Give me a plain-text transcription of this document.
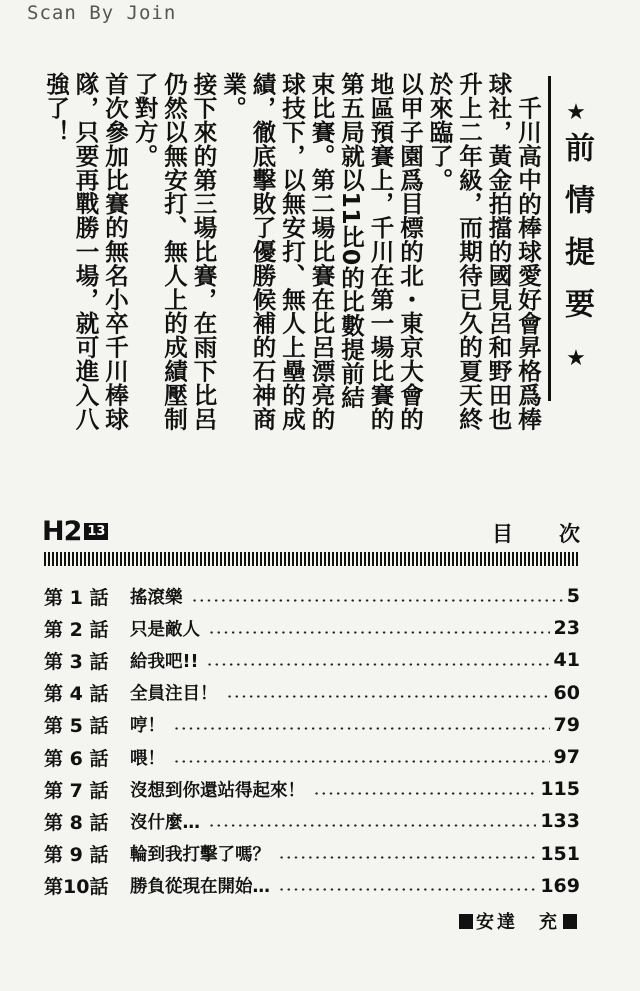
Scan By Join
★
前情提要
★

千川高中的棒球愛好會昇格爲棒球社，黃金拍擋的國見呂和野田也升上二年級，而期待已久的夏天終於來臨了。

以甲子園爲目標的北・東京大會的地區預賽上，千川在第一場比賽的第五局就以11比0的比數提前結束比賽。第二場比賽在比呂漂亮的球技下，以無安打、無人上壘的成績，徹底擊敗了優勝候補的石神商業。

接下來的第三場比賽，在雨下比呂仍然以無安打、無人上的成績壓制了對方。

首次參加比賽的無名小卒千川棒球隊，只要再戰勝一場，就可進入八強了！

H2 13	目次
第 1 話	搖滾樂	5
第 2 話	只是敵人	23
第 3 話	給我吧!!	41
第 4 話	全員注目！	60
第 5 話	哼！	79
第 6 話	喂！	97
第 7 話	沒想到你還站得起來！	115
第 8 話	沒什麼…	133
第 9 話	輪到我打擊了嗎？	151
第10話	勝負從現在開始…	169
安達　充
